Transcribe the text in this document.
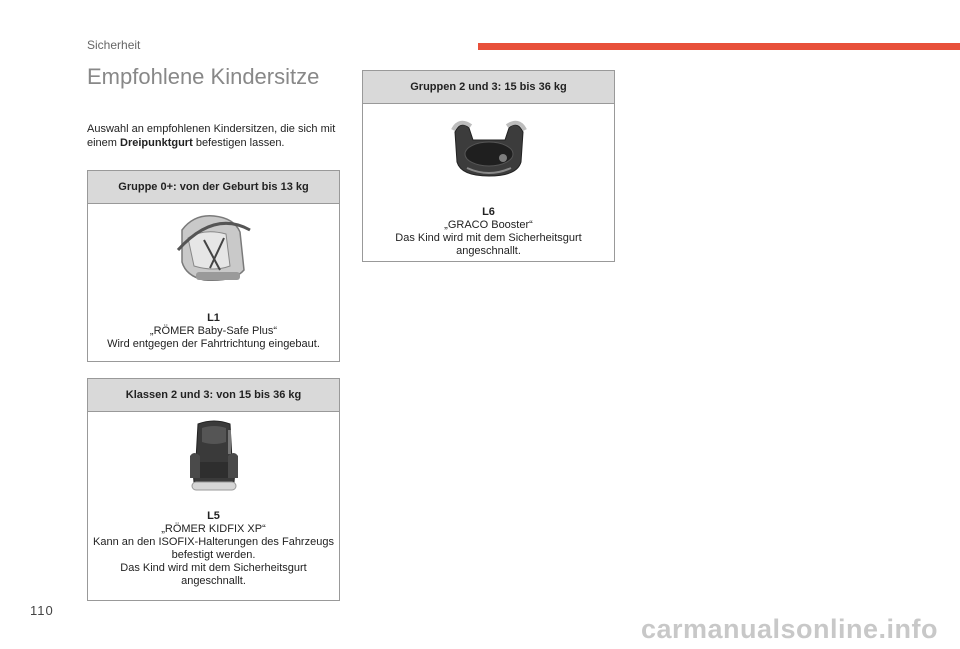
Sicherheit
Empfohlene Kindersitze
Auswahl an empfohlenen Kindersitzen, die sich mit einem Dreipunktgurt befestigen lassen.
Gruppe 0+: von der Geburt bis 13 kg
L1
„RÖMER Baby-Safe Plus“
Wird entgegen der Fahrtrichtung eingebaut.
Klassen 2 und 3: von 15 bis 36 kg
L5
„RÖMER KIDFIX XP“
Kann an den ISOFIX-Halterungen des Fahrzeugs befestigt werden.
Das Kind wird mit dem Sicherheitsgurt angeschnallt.
Gruppen 2 und 3: 15 bis 36 kg
L6
„GRACO Booster“
Das Kind wird mit dem Sicherheitsgurt angeschnallt.
110
carmanualsonline.info
